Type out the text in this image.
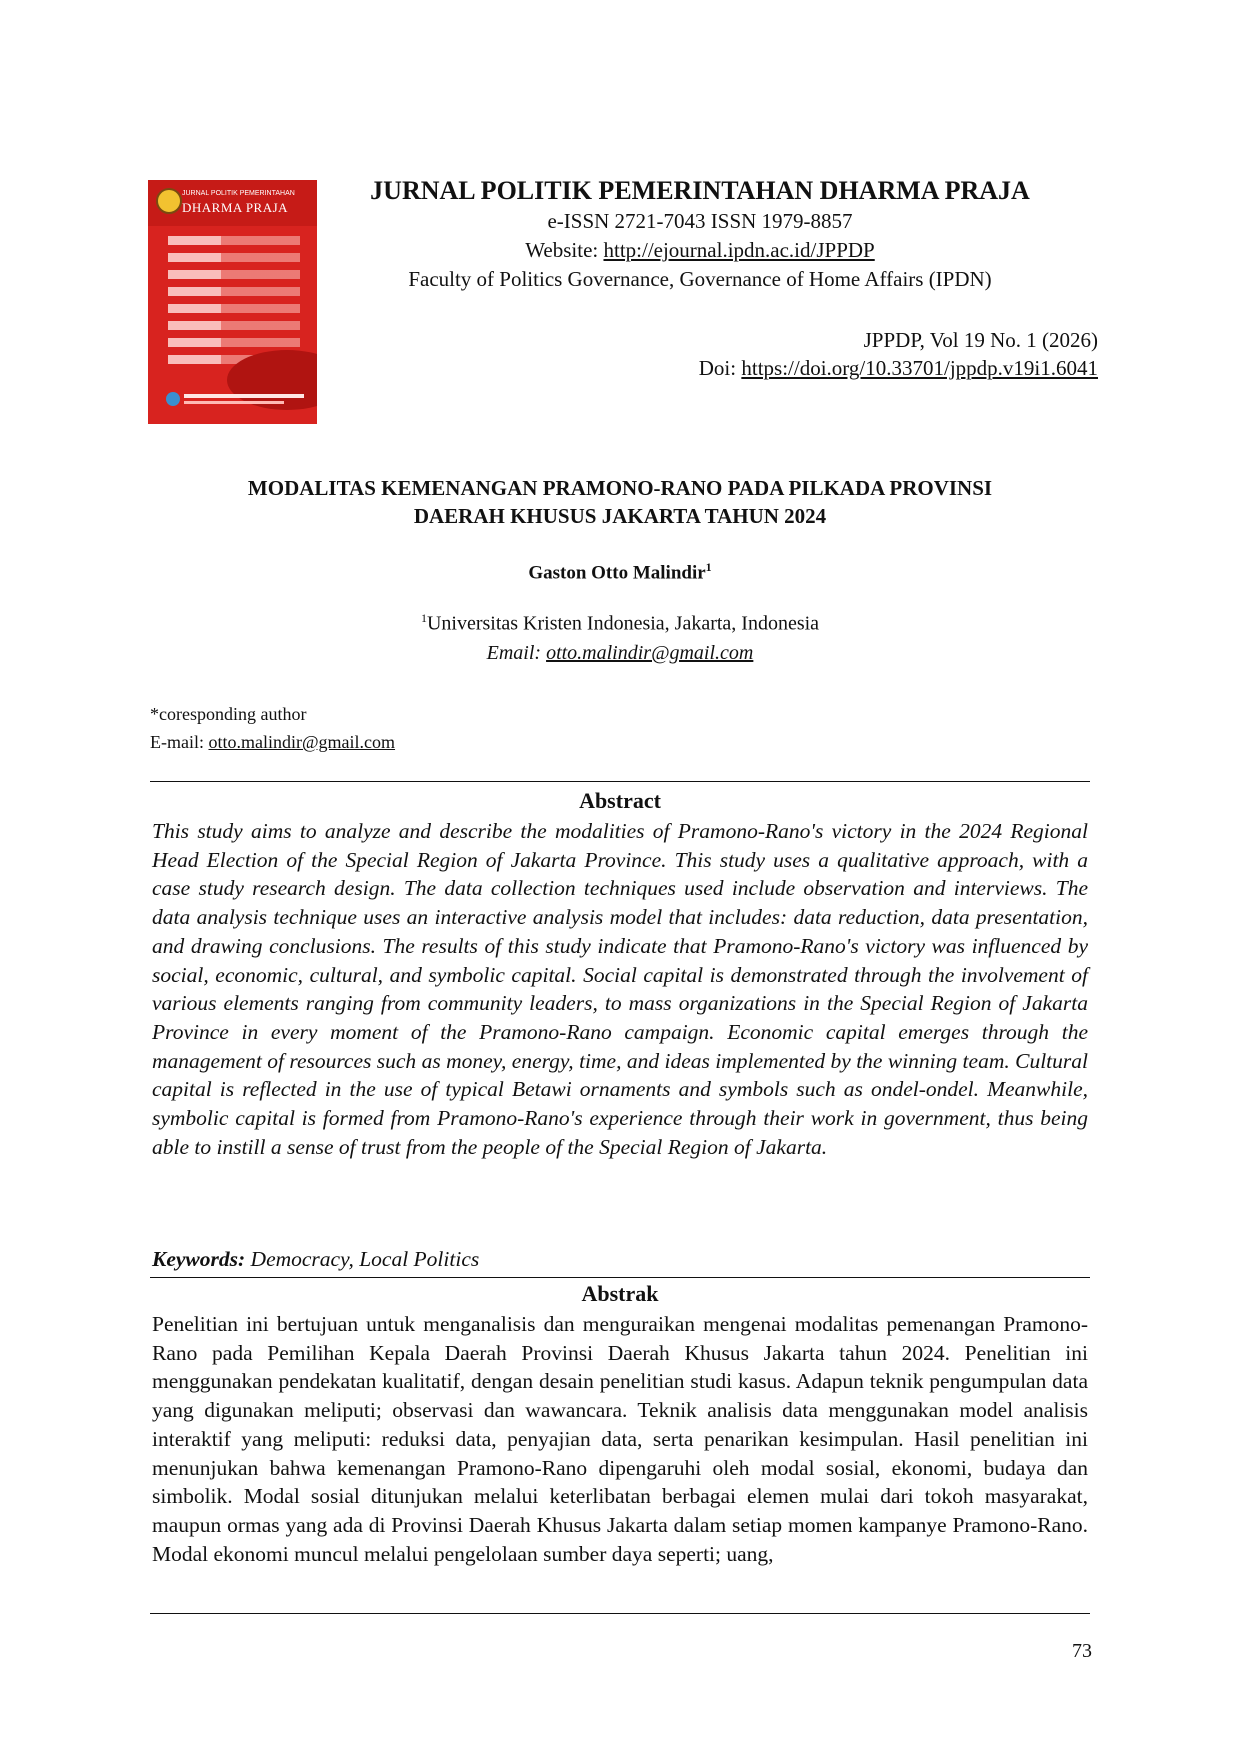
JURNAL POLITIK PEMERINTAHAN
DHARMA PRAJA
JURNAL POLITIK PEMERINTAHAN DHARMA PRAJA
e-ISSN 2721-7043 ISSN 1979-8857
Website: http://ejournal.ipdn.ac.id/JPPDP
Faculty of Politics Governance, Governance of Home Affairs (IPDN)
JPPDP, Vol 19 No. 1 (2026)
Doi: https://doi.org/10.33701/jppdp.v19i1.6041
MODALITAS KEMENANGAN PRAMONO-RANO PADA PILKADA PROVINSI
DAERAH KHUSUS JAKARTA TAHUN 2024
Gaston Otto Malindir$^1$
$^1$Universitas Kristen Indonesia, Jakarta, Indonesia
Email: otto.malindir@gmail.com
*coresponding author
E-mail: otto.malindir@gmail.com
Abstract
This study aims to analyze and describe the modalities of Pramono-Rano's victory in the 2024 Regional Head Election of the Special Region of Jakarta Province. This study uses a qualitative approach, with a case study research design. The data collection techniques used include observation and interviews. The data analysis technique uses an interactive analysis model that includes: data reduction, data presentation, and drawing conclusions. The results of this study indicate that Pramono-Rano's victory was influenced by social, economic, cultural, and symbolic capital. Social capital is demonstrated through the involvement of various elements ranging from community leaders, to mass organizations in the Special Region of Jakarta Province in every moment of the Pramono-Rano campaign. Economic capital emerges through the management of resources such as money, energy, time, and ideas implemented by the winning team. Cultural capital is reflected in the use of typical Betawi ornaments and symbols such as ondel-ondel. Meanwhile, symbolic capital is formed from Pramono-Rano's experience through their work in government, thus being able to instill a sense of trust from the people of the Special Region of Jakarta.
Keywords: Democracy, Local Politics
Abstrak
Penelitian ini bertujuan untuk menganalisis dan menguraikan mengenai modalitas pemenangan Pramono-Rano pada Pemilihan Kepala Daerah Provinsi Daerah Khusus Jakarta tahun 2024. Penelitian ini menggunakan pendekatan kualitatif, dengan desain penelitian studi kasus. Adapun teknik pengumpulan data yang digunakan meliputi; observasi dan wawancara. Teknik analisis data menggunakan model analisis interaktif yang meliputi: reduksi data, penyajian data, serta penarikan kesimpulan. Hasil penelitian ini menunjukan bahwa kemenangan Pramono-Rano dipengaruhi oleh modal sosial, ekonomi, budaya dan simbolik. Modal sosial ditunjukan melalui keterlibatan berbagai elemen mulai dari tokoh masyarakat, maupun ormas yang ada di Provinsi Daerah Khusus Jakarta dalam setiap momen kampanye Pramono-Rano. Modal ekonomi muncul melalui pengelolaan sumber daya seperti; uang,
73
